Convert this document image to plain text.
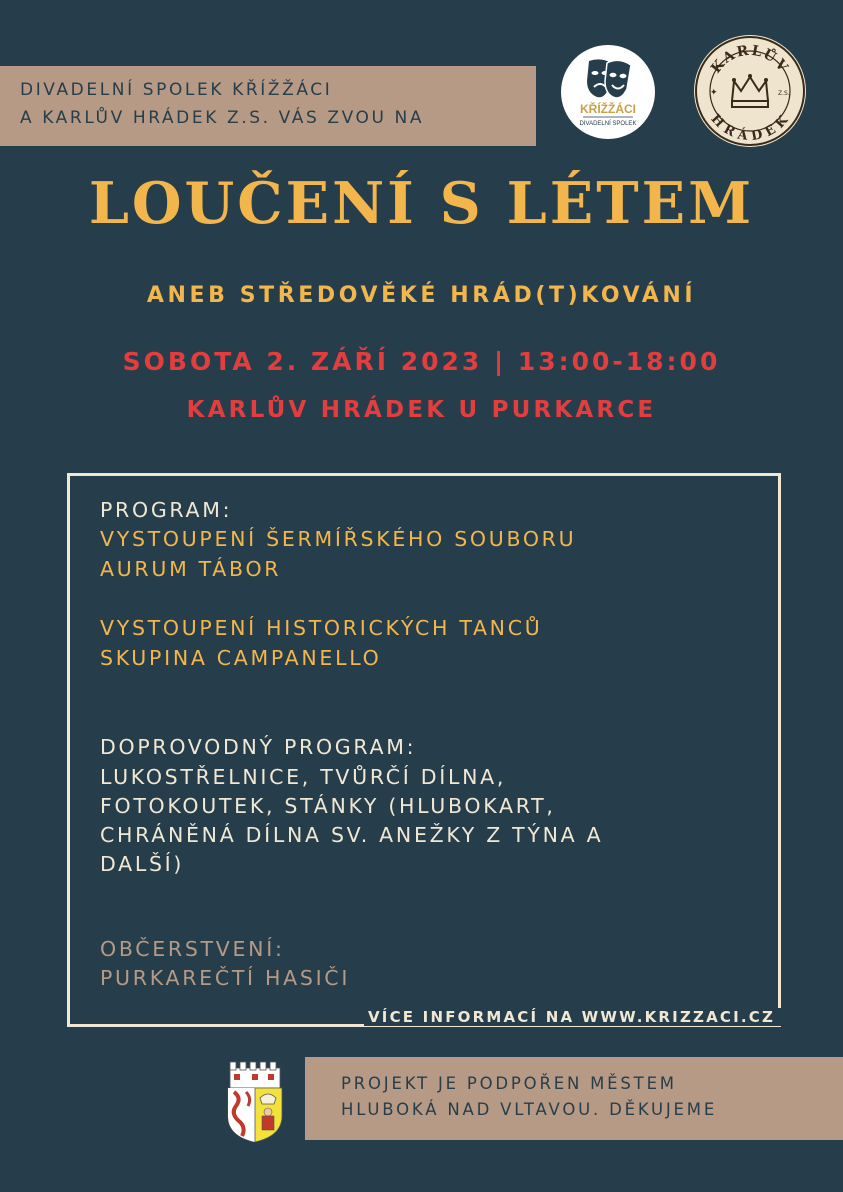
DIVADELNÍ SPOLEK KŘÍŽŽÁCI
A KARLŮV HRÁDEK Z.S. VÁS ZVOU NA	KŘÍŽŽÁCI
DIVADELNÍ SPOLEK
KARLŮV
HRÁDEK
Z.S.
✦
LOUČENÍ S LÉTEM
ANEB STŘEDOVĚKÉ HRÁD(T)KOVÁNÍ
SOBOTA 2. ZÁŘÍ 2023 | 13:00-18:00
KARLŮV HRÁDEK U PURKARCE
PROGRAM:
VYSTOUPENÍ ŠERMÍŘSKÉHO SOUBORU
AURUM TÁBOR
VYSTOUPENÍ HISTORICKÝCH TANCŮ
SKUPINA CAMPANELLO
DOPROVODNÝ PROGRAM:
LUKOSTŘELNICE, TVŮRČÍ DÍLNA,
FOTOKOUTEK, STÁNKY (HLUBOKART,
CHRÁNĚNÁ DÍLNA SV. ANEŽKY Z TÝNA A
DALŠÍ)
OBČERSTVENÍ:
PURKAREČTÍ HASIČI
VÍCE INFORMACÍ NA WWW.KRIZZACI.CZ
PROJEKT JE PODPOŘEN MĚSTEM
HLUBOKÁ NAD VLTAVOU. DĚKUJEME
